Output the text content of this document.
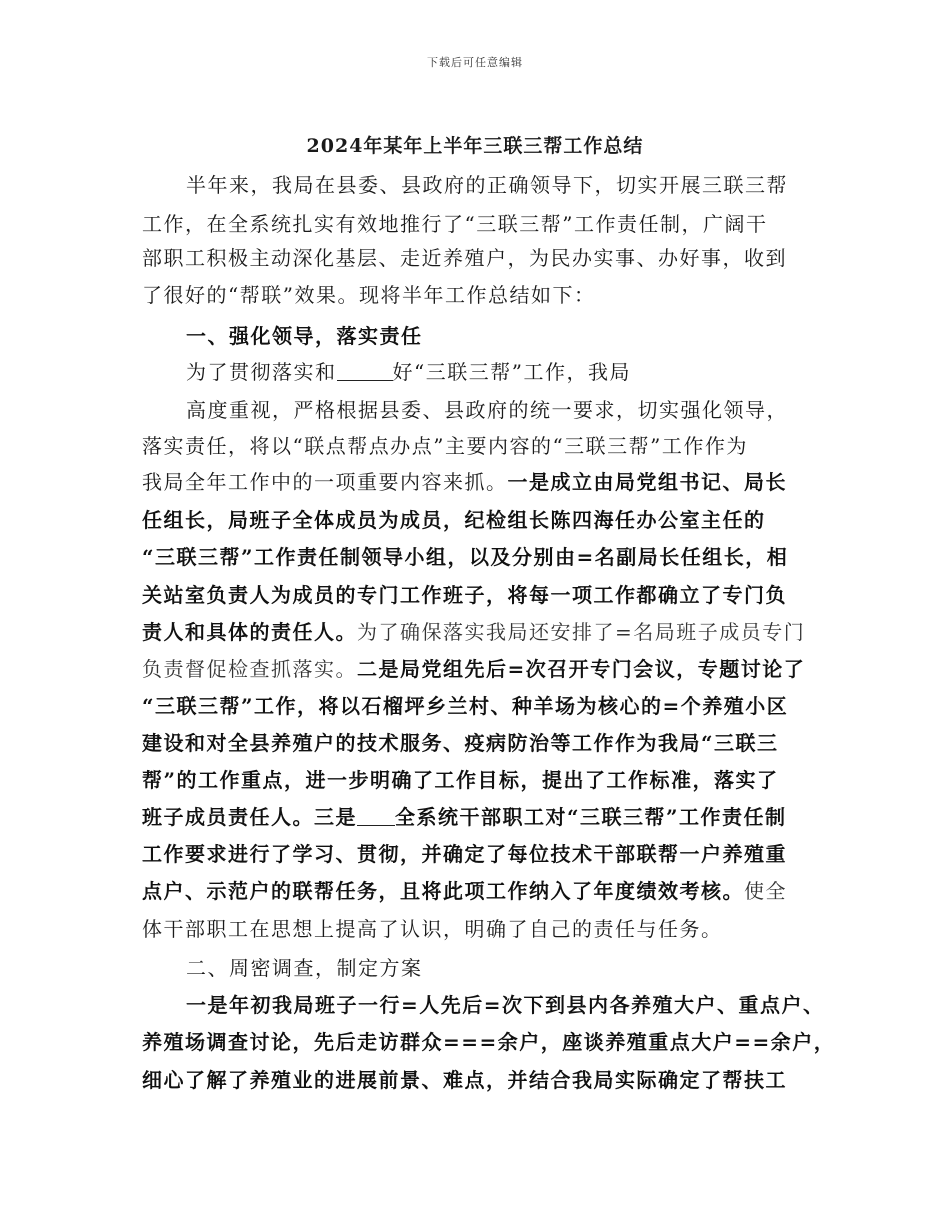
下载后可任意编辑
2024年某年上半年三联三帮工作总结
半年来，我局在县委、县政府的正确领导下，切实开展三联三帮
工作，在全系统扎实有效地推行了“三联三帮”工作责任制，广阔干
部职工积极主动深化基层、走近养殖户，为民办实事、办好事，收到
了很好的“帮联”效果。现将半年工作总结如下：
一、强化领导，落实责任
为了贯彻落实和	好“三联三帮”工作，我局
高度重视，严格根据县委、县政府的统一要求，切实强化领导，
落实责任，将以“联点帮点办点”主要内容的“三联三帮”工作作为
我局全年工作中的一项重要内容来抓。一是成立由局党组书记、局长
任组长，局班子全体成员为成员，纪检组长陈四海任办公室主任的
“三联三帮”工作责任制领导小组，以及分别由=名副局长任组长，相
关站室负责人为成员的专门工作班子，将每一项工作都确立了专门负
责人和具体的责任人。为了确保落实我局还安排了=名局班子成员专门
负责督促检查抓落实。二是局党组先后=次召开专门会议，专题讨论了
“三联三帮”工作，将以石榴坪乡兰村、种羊场为核心的=个养殖小区
建设和对全县养殖户的技术服务、疫病防治等工作作为我局“三联三
帮”的工作重点，进一步明确了工作目标，提出了工作标准，落实了
班子成员责任人。三是 全系统干部职工对“三联三帮”工作责任制
工作要求进行了学习、贯彻，并确定了每位技术干部联帮一户养殖重
点户、示范户的联帮任务，且将此项工作纳入了年度绩效考核。使全
体干部职工在思想上提高了认识，明确了自己的责任与任务。
二、周密调查，制定方案
一是年初我局班子一行=人先后=次下到县内各养殖大户、重点户、
养殖场调查讨论，先后走访群众===余户，座谈养殖重点大户==余户，
细心了解了养殖业的进展前景、难点，并结合我局实际确定了帮扶工
